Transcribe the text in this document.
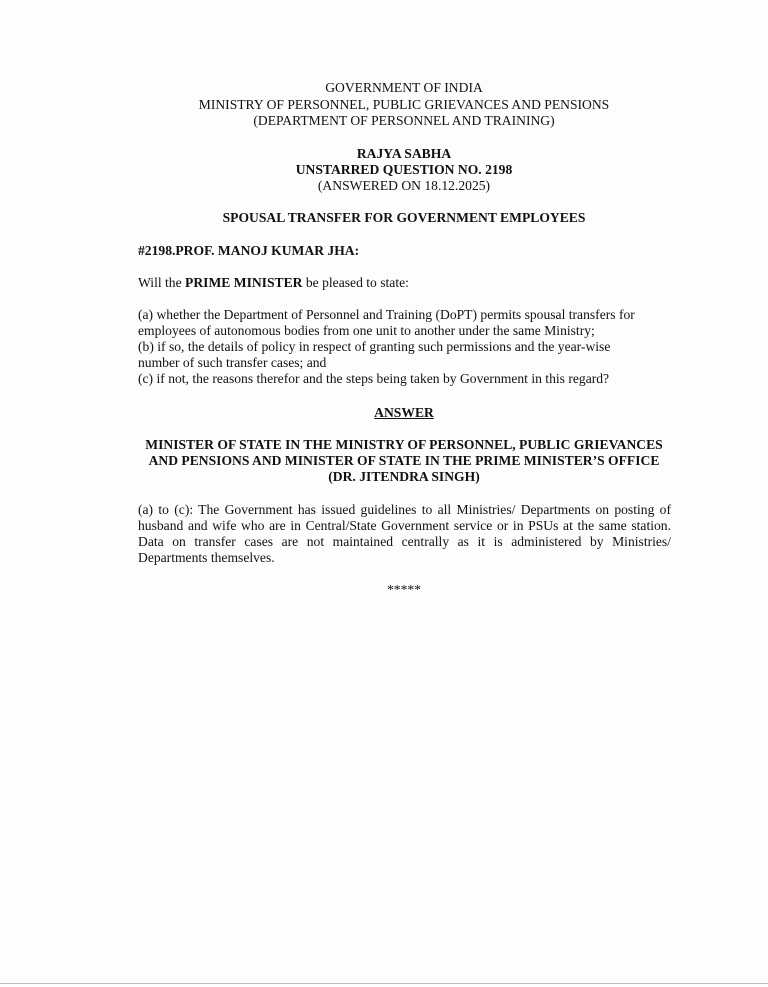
GOVERNMENT OF INDIA
MINISTRY OF PERSONNEL, PUBLIC GRIEVANCES AND PENSIONS
(DEPARTMENT OF PERSONNEL AND TRAINING)
RAJYA SABHA
UNSTARRED QUESTION NO. 2198
(ANSWERED ON 18.12.2025)
SPOUSAL TRANSFER FOR GOVERNMENT EMPLOYEES
#2198.PROF. MANOJ KUMAR JHA:
Will the PRIME MINISTER be pleased to state:
(a) whether the Department of Personnel and Training (DoPT) permits spousal transfers for
employees of autonomous bodies from one unit to another under the same Ministry;
(b) if so, the details of policy in respect of granting such permissions and the year-wise
number of such transfer cases; and
(c) if not, the reasons therefor and the steps being taken by Government in this regard?
ANSWER
MINISTER OF STATE IN THE MINISTRY OF PERSONNEL, PUBLIC GRIEVANCES
AND PENSIONS AND MINISTER OF STATE IN THE PRIME MINISTER’S OFFICE
(DR. JITENDRA SINGH)
(a) to (c): The Government has issued guidelines to all Ministries/ Departments on posting of husband and wife who are in Central/State Government service or in PSUs at the same station. Data on transfer cases are not maintained centrally as it is administered by Ministries/ Departments themselves.
*****
